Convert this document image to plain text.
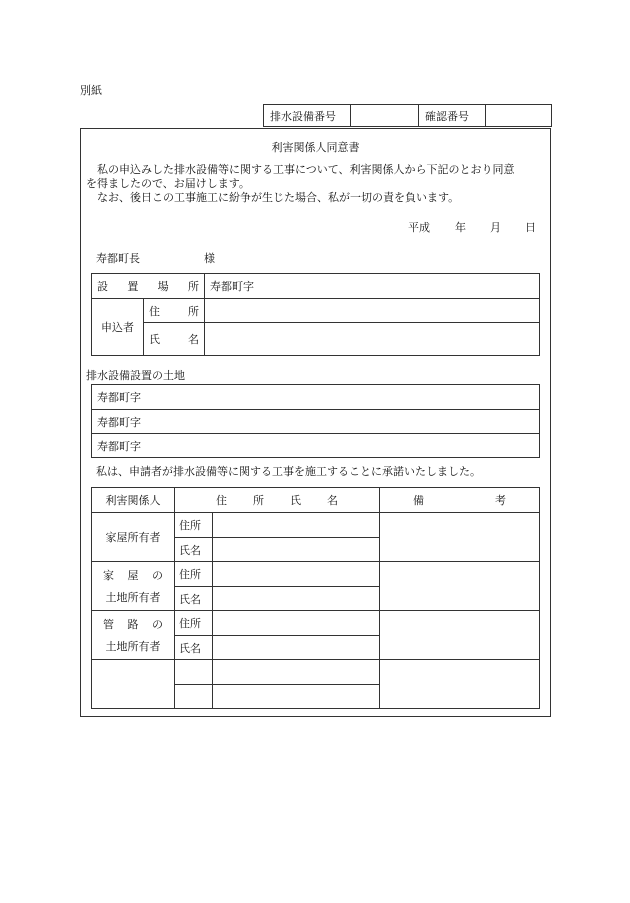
別紙
排水設備番号		確認番号	
利害関係人同意書
私の申込みした排水設備等に関する工事について、利害関係人から下記のとおり同意
を得ましたので、お届けします。
なお、後日この工事施工に紛争が生じた場合、私が一切の責を負います。
平成 年 月 日
寿都町長	様
設 置 場 所		寿都町字
申込者	住 所	

	氏 名	

排水設備設置の土地
寿都町字
寿都町字
寿都町字
私は、申請者が排水設備等に関する工事を施工することに承諾いたしました。
利害関係人	住 所 氏 名		備 考

家屋所有者	住所		
	氏名		

家 屋 の
土地所有者	住所		
	氏名		

管 路 の
土地所有者	住所		
	氏名		
